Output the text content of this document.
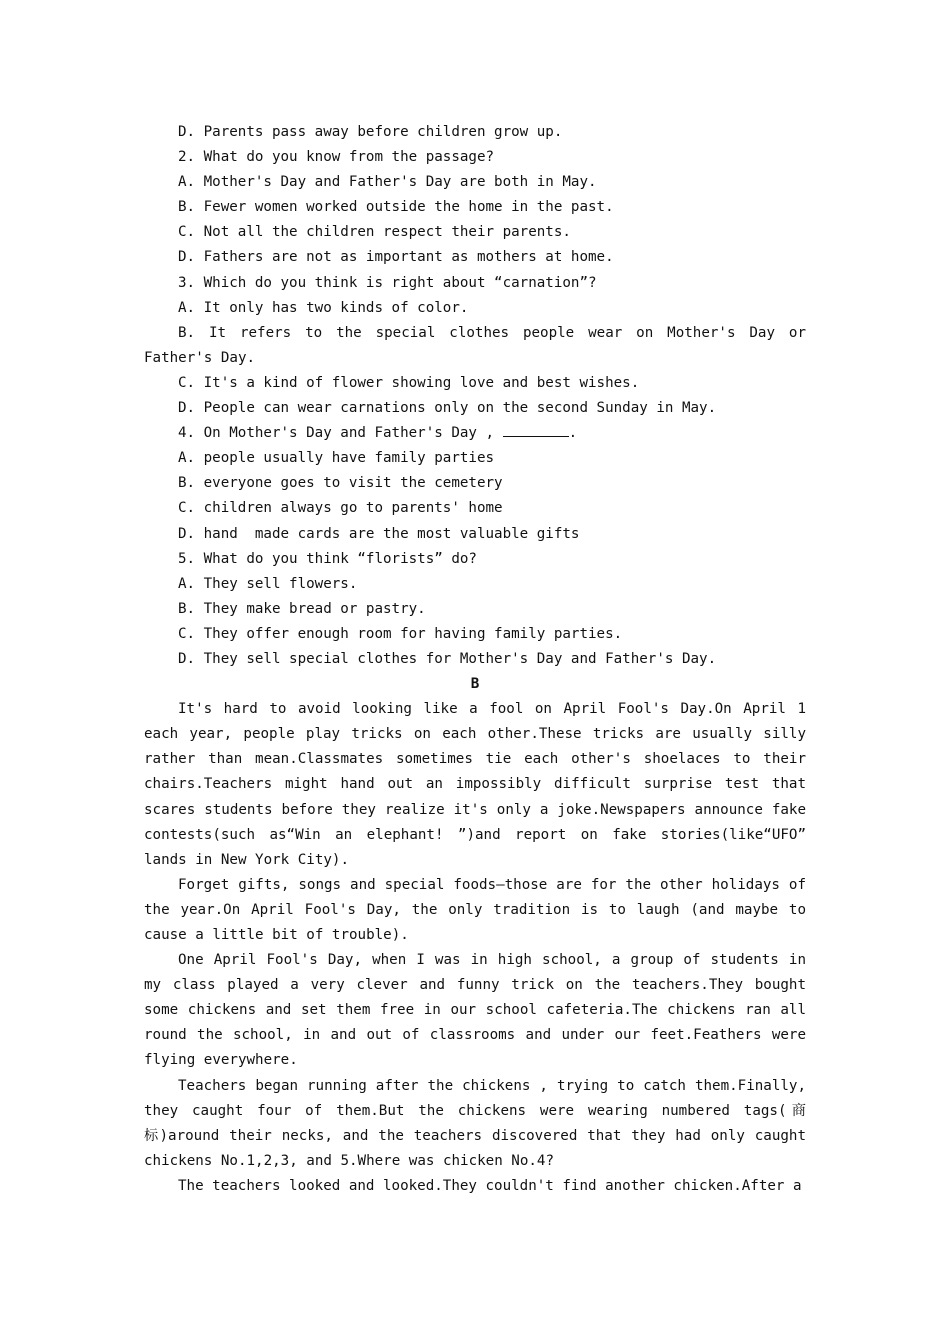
D. Parents pass away before children grow up.
2. What do you know from the passage?
A. Mother's Day and Father's Day are both in May.
B. Fewer women worked outside the home in the past.
C. Not all the children respect their parents.
D. Fathers are not as important as mothers at home.
3. Which do you think is right about “carnation”?
A. It only has two kinds of color.
B. It refers to the special clothes people wear on Mother's Day or Father's Day.
C. It's a kind of flower showing love and best wishes.
D. People can wear carnations only on the second Sunday in May.
4. On Mother's Day and Father's Day ,	.
A. people usually have family parties
B. everyone goes to visit the cemetery
C. children always go to parents' home
D. hand  made cards are the most valuable gifts
5. What do you think “florists” do?
A. They sell flowers.
B. They make bread or pastry.
C. They offer enough room for having family parties.
D. They sell special clothes for Mother's Day and Father's Day.
B
It's hard to avoid looking like a fool on April Fool's Day.On April 1 each year, people play tricks on each other.These tricks are usually silly rather than mean.Classmates sometimes tie each other's shoelaces to their chairs.Teachers might hand out an impossibly difficult surprise test that scares students before they realize it's only a joke.Newspapers announce fake contests(such as“Win an elephant! ”)and report on fake stories(like“UFO” lands in New York City).
Forget gifts, songs and special foods—those are for the other holidays of the year.On April Fool's Day, the only tradition is to laugh (and maybe to cause a little bit of trouble).
One April Fool's Day, when I was in high school, a group of students in my class played a very clever and funny trick on the teachers.They bought some chickens and set them free in our school cafeteria.The chickens ran all round the school, in and out of classrooms and under our feet.Feathers were flying everywhere.
Teachers began running after the chickens , trying to catch them.Finally, they caught four of them.But the chickens were wearing numbered tags(商标)around their necks, and the teachers discovered that they had only caught chickens No.1,2,3, and 5.Where was chicken No.4?
The teachers looked and looked.They couldn't find another chicken.After a
